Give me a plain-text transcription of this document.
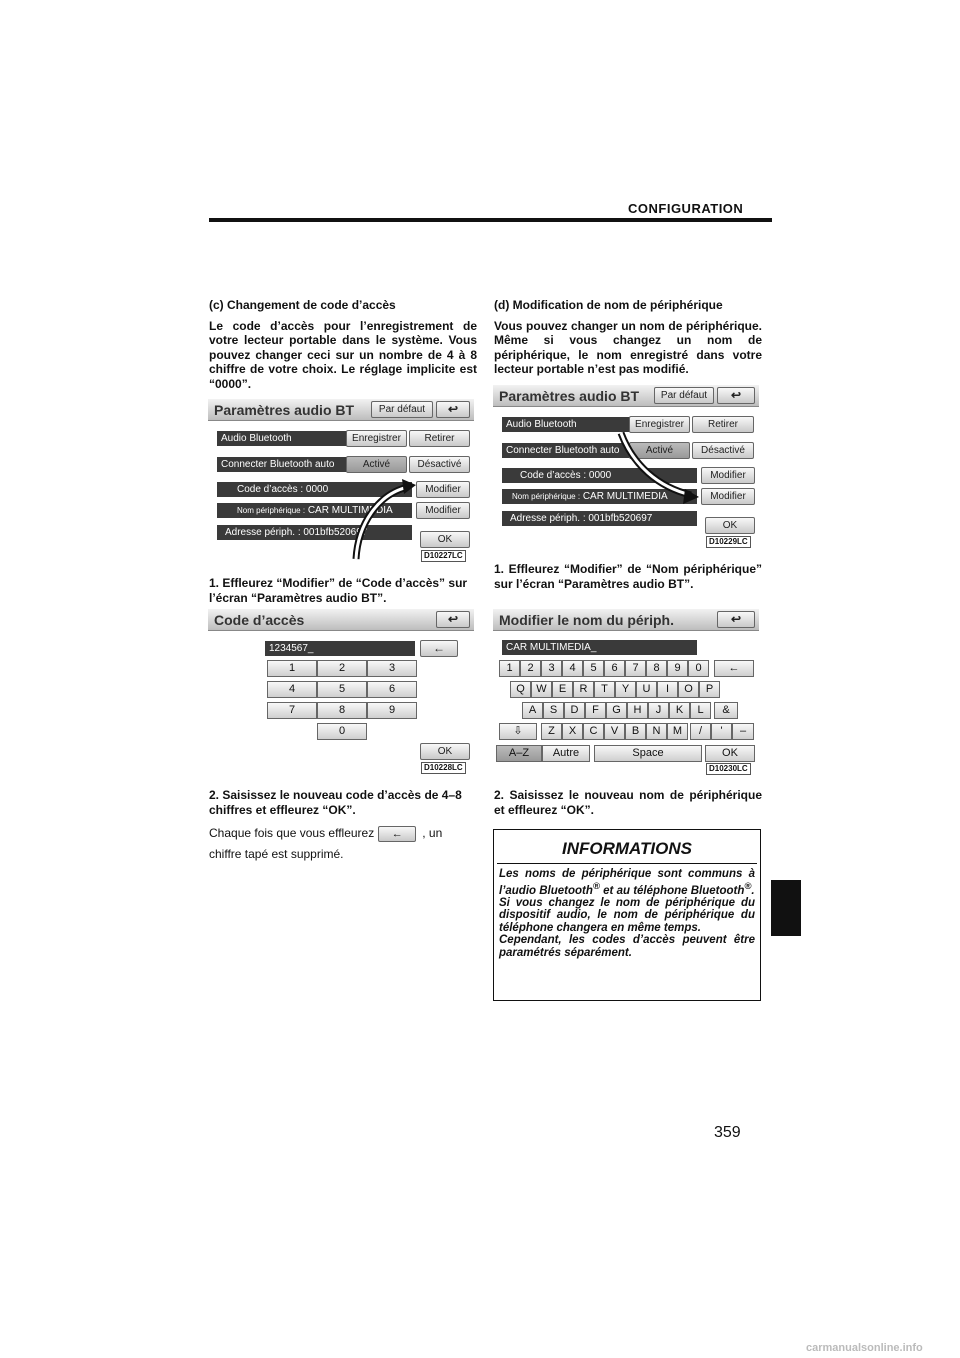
CONFIGURATION

(c) Changement de code d’accès

Le code d’accès pour l’enregistrement de votre lecteur portable dans le système. Vous pouvez changer ceci sur un nombre de 4 à 8 chiffre de votre choix. Le réglage implicite est “0000”.

Paramètres audio BT	Par défaut	↩
Audio Bluetooth	Enregistrer	Retirer
Connecter Bluetooth auto	Activé	Désactivé
Code d’accès : 0000	Modifier
Nom périphérique : CAR MULTIMEDIA	Modifier
Adresse périph. : 001bfb520697
OK
D10227LC

1. Effleurez “Modifier” de “Code d’accès” sur l’écran “Paramètres audio BT”.

Code d’accès	↩
1234567_	←
1	2	3
4	5	6
7	8	9
0
OK
D10228LC

2. Saisissez le nouveau code d’accès de 4–8 chiffres et effleurez “OK”.

Chaque fois que vous effleurez ← , un chiffre tapé est supprimé.

(d) Modification de nom de périphérique

Vous pouvez changer un nom de périphérique. Même si vous changez un nom de périphérique, le nom enregistré dans votre lecteur portable n’est pas modifié.

Paramètres audio BT	Par défaut	↩
Audio Bluetooth	Enregistrer	Retirer
Connecter Bluetooth auto	Activé	Désactivé
Code d’accès : 0000	Modifier
Nom périphérique : CAR MULTIMEDIA	Modifier
Adresse périph. : 001bfb520697
OK
D10229LC

1. Effleurez “Modifier” de “Nom périphérique” sur l’écran “Paramètres audio BT”.

Modifier le nom du périph.	↩
CAR MULTIMEDIA_
1	2	3	4	5	6	7	8	9	0	←
Q	W	E	R	T	Y	U	I	O	P
A	S	D	F	G	H	J	K	L	&
⇩	Z	X	C	V	B	N	M	/	'	–
A–Z	Autre	Space	OK
D10230LC

2. Saisissez le nouveau nom de périphérique et effleurez “OK”.

INFORMATIONS
Les noms de périphérique sont communs à l’audio Bluetooth® et au téléphone Bluetooth®.
Si vous changez le nom de périphérique du dispositif audio, le nom de périphérique du téléphone changera en même temps.
Cependant, les codes d’accès peuvent être paramétrés séparément.
359
carmanualsonline.info
